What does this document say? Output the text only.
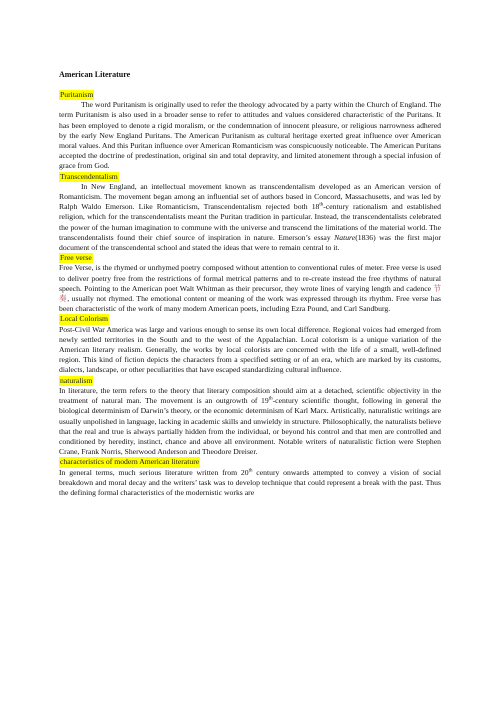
American Literature
Puritanism

The word Puritanism is originally used to refer the theology advocated by a party within the Church of England. The term Puritanism is also used in a broader sense to refer to attitudes and values considered characteristic of the Puritans. It has been employed to denote a rigid moralism, or the condemnation of innocent pleasure, or religious narrowness adhered by the early New England Puritans. The American Puritanism as cultural heritage exerted great influence over American moral values. And this Puritan influence over American Romanticism was conspicuously noticeable. The American Puritans accepted the doctrine of predestination, original sin and total depravity, and limited atonement through a special infusion of grace from God.

Transcendentalism

In New England, an intellectual movement known as transcendentalism developed as an American version of Romanticism. The movement began among an influential set of authors based in Concord, Massachusetts, and was led by Ralph Waldo Emerson. Like Romanticism, Transcendentalism rejected both 18th-century rationalism and established religion, which for the transcendentalists meant the Puritan tradition in particular. Instead, the transcendentalists celebrated the power of the human imagination to commune with the universe and transcend the limitations of the material world. The transcendentalists found their chief source of inspiration in nature. Emerson’s essay Nature(1836) was the first major document of the transcendental school and stated the ideas that were to remain central to it.

Free verse

Free Verse, is the rhymed or unrhymed poetry composed without attention to conventional rules of meter. Free verse is used to deliver poetry free from the restrictions of formal metrical patterns and to re-create instead the free rhythms of natural speech. Pointing to the American poet Walt Whitman as their precursor, they wrote lines of varying length and cadence 节奏, usually not rhymed. The emotional content or meaning of the work was expressed through its rhythm. Free verse has been characteristic of the work of many modern American poets, including Ezra Pound, and Carl Sandburg.

Local Colorism

Post-Civil War America was large and various enough to sense its own local difference. Regional voices had emerged from newly settled territories in the South and to the west of the Appalachian. Local colorism is a unique variation of the American literary realism. Generally, the works by local colorists are concerned with the life of a small, well-defined region. This kind of fiction depicts the characters from a specified setting or of an era, which are marked by its customs, dialects, landscape, or other peculiarities that have escaped standardizing cultural influence.

naturalism

In literature, the term refers to the theory that literary composition should aim at a detached, scientific objectivity in the treatment of natural man. The movement is an outgrowth of 19th-century scientific thought, following in general the biological determinism of Darwin’s theory, or the economic determinism of Karl Marx. Artistically, naturalistic writings are usually unpolished in language, lacking in academic skills and unwieldy in structure. Philosophically, the naturalists believe that the real and true is always partially hidden from the individual, or beyond his control and that men are controlled and conditioned by heredity, instinct, chance and above all environment. Notable writers of naturalistic fiction were Stephen Crane, Frank Norris, Sherwood Anderson and Theodore Dreiser.

characteristics of modern American literature

In general terms, much serious literature written from 20th century onwards attempted to convey a vision of social breakdown and moral decay and the writers’ task was to develop technique that could represent a break with the past. Thus the defining formal characteristics of the modernistic works are
